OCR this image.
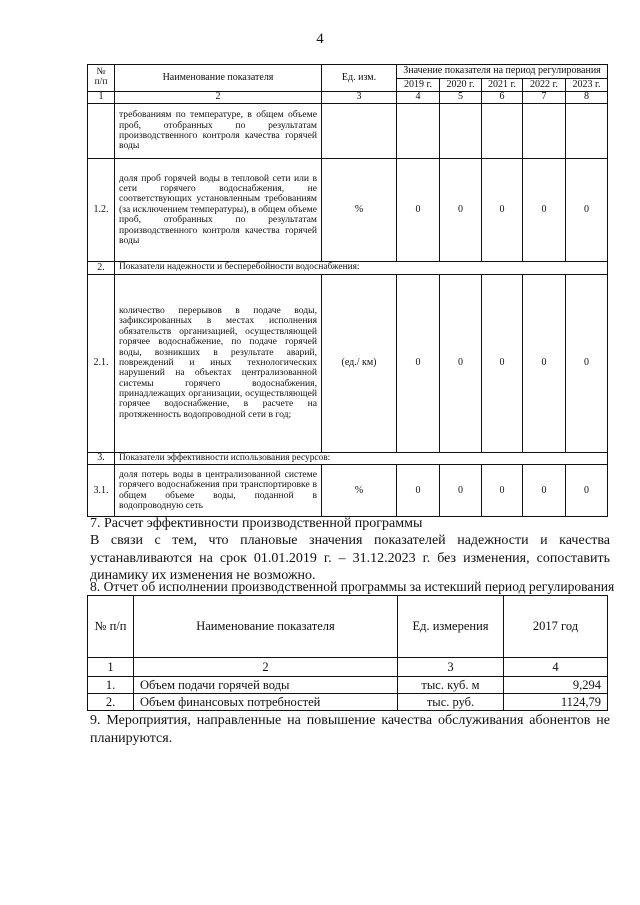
4
№
п/п	Наименование показателя	Ед. изм.	Значение показателя на период регулирования				
			2019 г.	2020 г.	2021 г.	2022 г.	2023 г.
1	2	3	4	5	6	7	8
	требованиям по температуре, в общем объеме проб, отобранных по результатам производственного контроля качества горячей воды						
1.2.	доля проб горячей воды в тепловой сети или в сети горячего водоснабжения, не соответствующих установленным требованиям (за исключением температуры), в общем объеме проб, отобранных по результатам производственного контроля качества горячей воды	%	0	0	0	0	0
2.	Показатели надежности и бесперебойности водоснабжения:						
2.1.	количество перерывов в подаче воды, зафиксированных в местах исполнения обязательств организацией, осуществляющей горячее водоснабжение, по подаче горячей воды, возникших в результате аварий, повреждений и иных технологических нарушений на объектах централизованной системы горячего водоснабжения, принадлежащих организации, осуществляющей горячее водоснабжение, в расчете на протяженность водопроводной сети в год;	(ед./ км)	0	0	0	0	0
3.	Показатели эффективности использования ресурсов:						
3.1.	доля потерь воды в централизованной системе горячего водоснабжения при транспортировке в общем объеме воды, поданной в водопроводную сеть	%	0	0	0	0	0
7. Расчет эффективности производственной программы
В связи с тем, что плановые значения показателей надежности и качества устанавливаются на срок 01.01.2019 г. – 31.12.2023 г. без изменения, сопоставить динамику их изменения не возможно.
8. Отчет об исполнении производственной программы за истекший период регулирования
№ п/п	Наименование показателя	Ед. измерения	2017 год
1	2	3	4
1.	Объем подачи горячей воды	тыс. куб. м	9,294
2.	Объем финансовых потребностей	тыс. руб.	1124,79
9. Мероприятия, направленные на повышение качества обслуживания абонентов не планируются.
